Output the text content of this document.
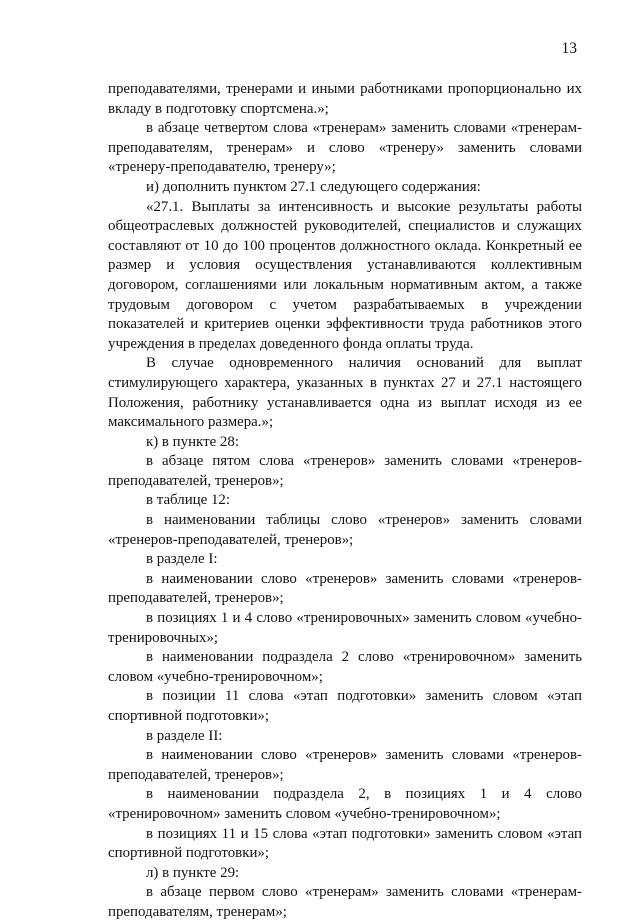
13

преподавателями, тренерами и иными работниками пропорционально их вкладу в подготовку спортсмена.»;

в абзаце четвертом слова «тренерам» заменить словами «тренерам-преподавателям, тренерам» и слово «тренеру» заменить словами «тренеру-преподавателю, тренеру»;

и) дополнить пунктом 27.1 следующего содержания:

«27.1. Выплаты за интенсивность и высокие результаты работы общеотраслевых должностей руководителей, специалистов и служащих составляют от 10 до 100 процентов должностного оклада. Конкретный ее размер и условия осуществления устанавливаются коллективным договором, соглашениями или локальным нормативным актом, а также трудовым договором с учетом разрабатываемых в учреждении показателей и критериев оценки эффективности труда работников этого учреждения в пределах доведенного фонда оплаты труда.

В случае одновременного наличия оснований для выплат стимулирующего характера, указанных в пунктах 27 и 27.1 настоящего Положения, работнику устанавливается одна из выплат исходя из ее максимального размера.»;

к) в пункте 28:

в абзаце пятом слова «тренеров» заменить словами «тренеров-преподавателей, тренеров»;

в таблице 12:

в наименовании таблицы слово «тренеров» заменить словами «тренеров-преподавателей, тренеров»;

в разделе I:

в наименовании слово «тренеров» заменить словами «тренеров-преподавателей, тренеров»;

в позициях 1 и 4 слово «тренировочных» заменить словом «учебно-тренировочных»;

в наименовании подраздела 2 слово «тренировочном» заменить словом «учебно-тренировочном»;

в позиции 11 слова «этап подготовки» заменить словом «этап спортивной подготовки»;

в разделе II:

в наименовании слово «тренеров» заменить словами «тренеров-преподавателей, тренеров»;

в наименовании подраздела 2, в позициях 1 и 4 слово «тренировочном» заменить словом «учебно-тренировочном»;

в позициях 11 и 15 слова «этап подготовки» заменить словом «этап спортивной подготовки»;

л) в пункте 29:

в абзаце первом слово «тренерам» заменить словами «тренерам-преподавателям, тренерам»;
